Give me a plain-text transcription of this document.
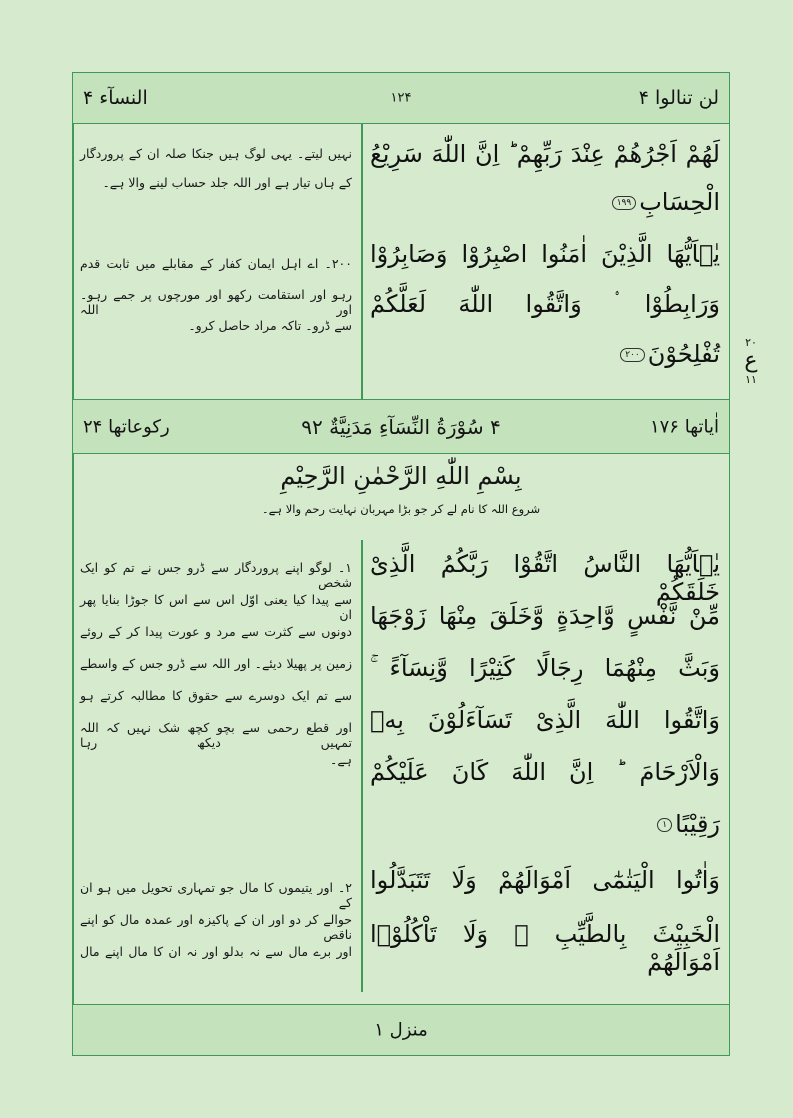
لن تنالوا ۴
۱۲۴
النسآء ۴
لَهُمْ اَجْرُهُمْ عِنْدَ رَبِّهِمْ ؕ اِنَّ اللّٰهَ سَرِيْعُ
الْحِسَابِ۱۹۹
يٰۤاَيُّهَا الَّذِيْنَ اٰمَنُوا اصْبِرُوْا وَصَابِرُوْا
وَرَابِطُوْا ۟ وَاتَّقُوا اللّٰهَ لَعَلَّكُمْ
تُفْلِحُوْنَ۲۰۰
۲۰
ع
۱۱
نہیں لیتے۔ یہی لوگ ہیں جنکا صلہ ان کے پروردگار
کے ہاں تیار ہے اور اللہ جلد حساب لینے والا ہے۔
۲۰۰۔ اے اہل ایمان کفار کے مقابلے میں ثابت قدم
رہو اور استقامت رکھو اور مورچوں پر جمے رہو۔ اور اللہ
سے ڈرو۔ تاکہ مراد حاصل کرو۔
اٰیاتها ۱۷۶
۴ سُوْرَةُ النِّسَآءِ مَدَنِيَّةٌ ۹۲
رکوعاتها ۲۴
بِسْمِ اللّٰهِ الرَّحْمٰنِ الرَّحِيْمِ
شروع اللہ کا نام لے کر جو بڑا مہربان نہایت رحم والا ہے۔
يٰۤاَيُّهَا النَّاسُ اتَّقُوْا رَبَّكُمُ الَّذِىْ خَلَقَكُمْ
مِّنْ نَّفْسٍ وَّاحِدَةٍ وَّخَلَقَ مِنْهَا زَوْجَهَا
وَبَثَّ مِنْهُمَا رِجَالًا كَثِيْرًا وَّنِسَآءً ۚ
وَاتَّقُوا اللّٰهَ الَّذِىْ تَسَآءَلُوْنَ بِهٖ
وَالْاَرْحَامَ ؕ اِنَّ اللّٰهَ كَانَ عَلَيْكُمْ
رَقِيْبًا۱
وَاٰتُوا الْيَتٰمٰٓى اَمْوَالَهُمْ وَلَا تَتَبَدَّلُوا
الْخَبِيْثَ بِالطَّيِّبِ ۠ وَلَا تَاْكُلُوْۤا اَمْوَالَهُمْ
۱۔ لوگو اپنے پروردگار سے ڈرو جس نے تم کو ایک شخص
سے پیدا کیا یعنی اوّل اس سے اس کا جوڑا بنایا پھر ان
دونوں سے کثرت سے مرد و عورت پیدا کر کے روئے
زمین پر پھیلا دیئے۔ اور اللہ سے ڈرو جس کے واسطے
سے تم ایک دوسرے سے حقوق کا مطالبہ کرتے ہو
اور قطع رحمی سے بچو کچھ شک نہیں کہ اللہ تمہیں دیکھ رہا
ہے۔
۲۔ اور یتیموں کا مال جو تمہاری تحویل میں ہو ان کے
حوالے کر دو اور ان کے پاکیزہ اور عمدہ مال کو اپنے ناقص
اور برے مال سے نہ بدلو اور نہ ان کا مال اپنے مال
منزل ۱
